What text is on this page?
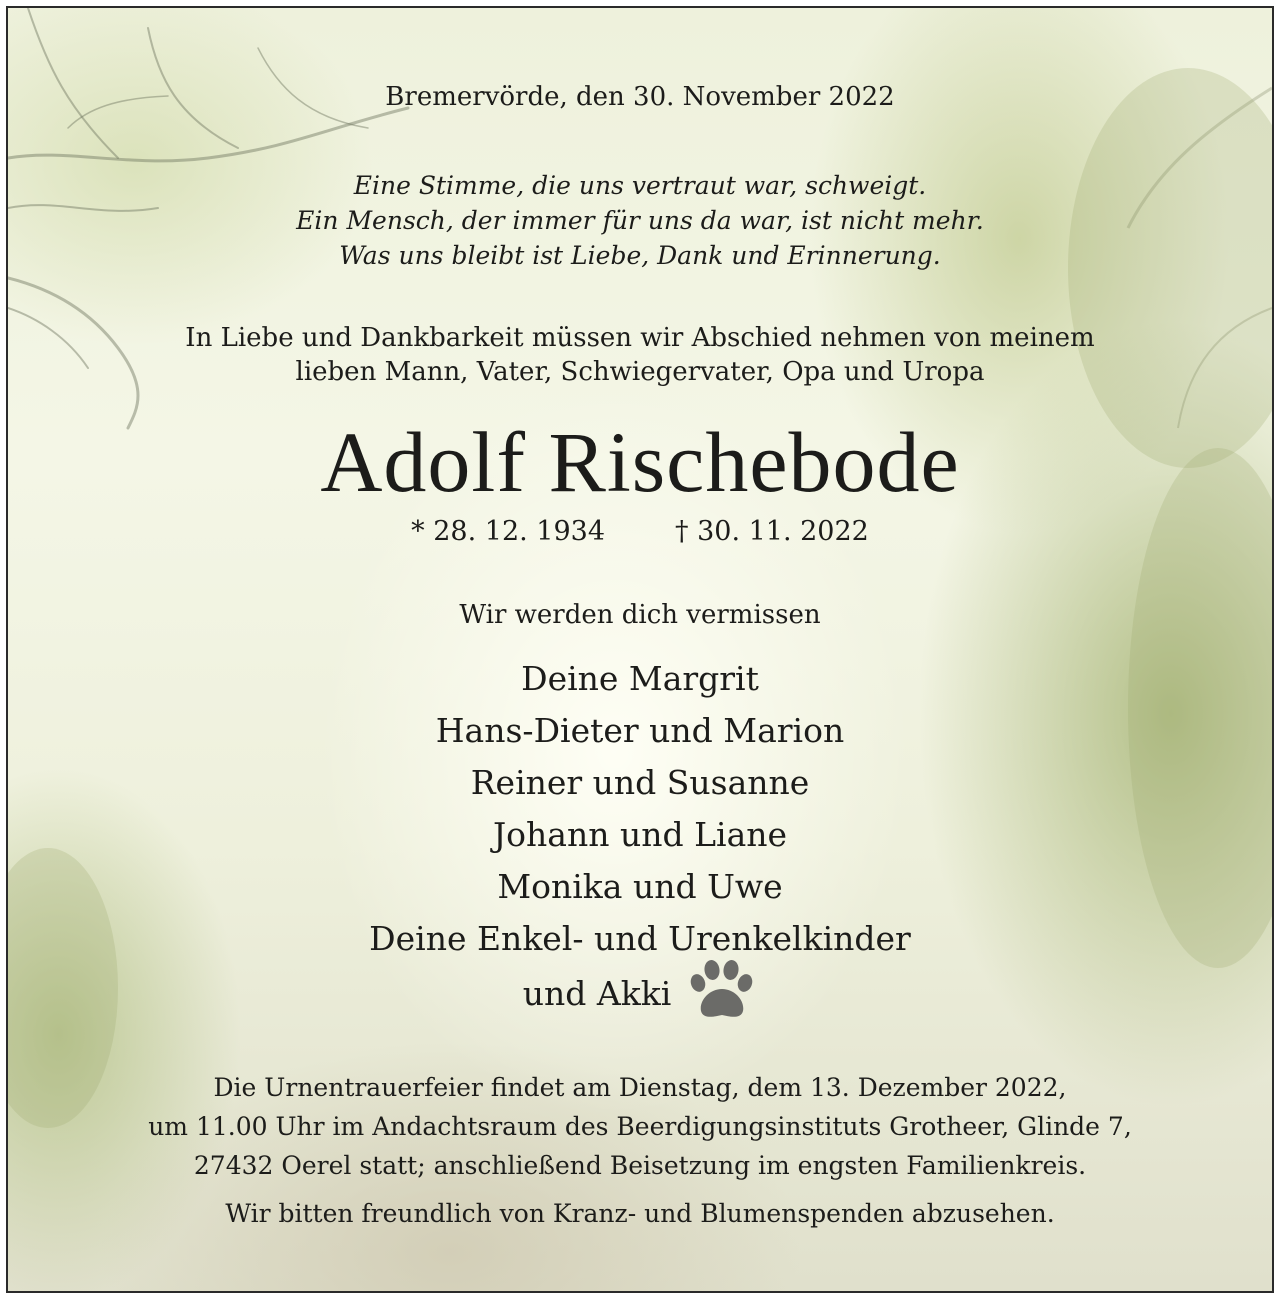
Bremervörde, den 30. November 2022
Eine Stimme, die uns vertraut war, schweigt.
Ein Mensch, der immer für uns da war, ist nicht mehr.
Was uns bleibt ist Liebe, Dank und Erinnerung.
In Liebe und Dankbarkeit müssen wir Abschied nehmen von meinem
lieben Mann, Vater, Schwiegervater, Opa und Uropa
Adolf Rischebode
* 28. 12. 1934	† 30. 11. 2022
Wir werden dich vermissen
Deine Margrit
Hans-Dieter und Marion
Reiner und Susanne
Johann und Liane
Monika und Uwe
Deine Enkel- und Urenkelkinder
und Akki
Die Urnentrauerfeier findet am Dienstag, dem 13. Dezember 2022,
um 11.00 Uhr im Andachtsraum des Beerdigungsinstituts Grotheer, Glinde 7,
27432 Oerel statt; anschließend Beisetzung im engsten Familienkreis.
Wir bitten freundlich von Kranz- und Blumenspenden abzusehen.
